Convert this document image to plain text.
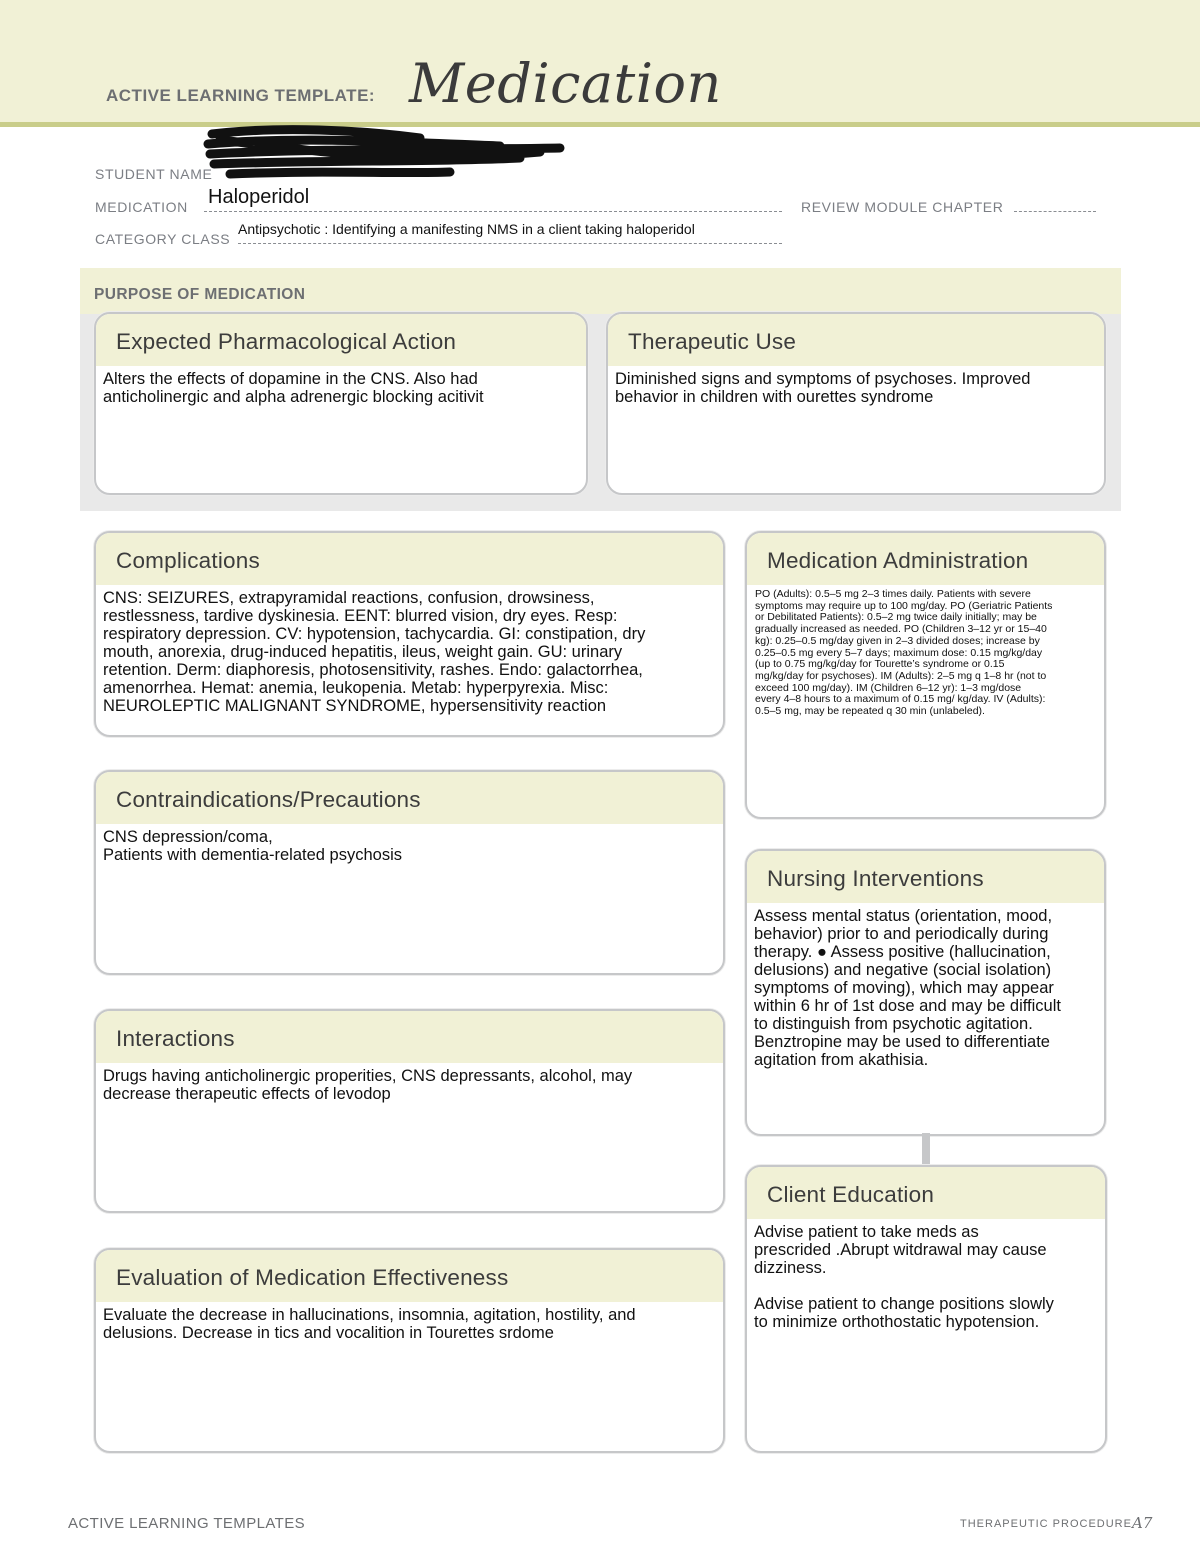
ACTIVE LEARNING TEMPLATE: Medication
STUDENT NAME
MEDICATION Haloperidol	REVIEW MODULE CHAPTER
CATEGORY CLASS
Antipsychotic : Identifying a manifesting NMS in a client taking haloperidol
PURPOSE OF MEDICATION
Expected Pharmacological Action

Alters the effects of dopamine in the CNS. Also had
anticholinergic and alpha adrenergic blocking acitivit

Therapeutic Use

Diminished signs and symptoms of psychoses. Improved
behavior in children with ourettes syndrome

Complications

CNS: SEIZURES, extrapyramidal reactions, confusion, drowsiness,
restlessness, tardive dyskinesia. EENT: blurred vision, dry eyes. Resp:
respiratory depression. CV: hypotension, tachycardia. GI: constipation, dry
mouth, anorexia, drug-induced hepatitis, ileus, weight gain. GU: urinary
retention. Derm: diaphoresis, photosensitivity, rashes. Endo: galactorrhea,
amenorrhea. Hemat: anemia, leukopenia. Metab: hyperpyrexia. Misc:
NEUROLEPTIC MALIGNANT SYNDROME, hypersensitivity reaction

Contraindications/Precautions

CNS depression/coma,
Patients with dementia-related psychosis

Interactions

Drugs having anticholinergic properities, CNS depressants, alcohol, may
decrease therapeutic effects of levodop

Evaluation of Medication Effectiveness

Evaluate the decrease in hallucinations, insomnia, agitation, hostility, and
delusions. Decrease in tics and vocalition in Tourettes srdome

Medication Administration

PO (Adults): 0.5–5 mg 2–3 times daily. Patients with severe
symptoms may require up to 100 mg/day. PO (Geriatric Patients
or Debilitated Patients): 0.5–2 mg twice daily initially; may be
gradually increased as needed. PO (Children 3–12 yr or 15–40
kg): 0.25–0.5 mg/day given in 2–3 divided doses; increase by
0.25–0.5 mg every 5–7 days; maximum dose: 0.15 mg/kg/day
(up to 0.75 mg/kg/day for Tourette’s syndrome or 0.15
mg/kg/day for psychoses). IM (Adults): 2–5 mg q 1–8 hr (not to
exceed 100 mg/day). IM (Children 6–12 yr): 1–3 mg/dose
every 4–8 hours to a maximum of 0.15 mg/ kg/day. IV (Adults):
0.5–5 mg, may be repeated q 30 min (unlabeled).

Nursing Interventions

Assess mental status (orientation, mood,
behavior) prior to and periodically during
therapy. ● Assess positive (hallucination,
delusions) and negative (social isolation)
symptoms of moving), which may appear
within 6 hr of 1st dose and may be difficult
to distinguish from psychotic agitation.
Benztropine may be used to differentiate
agitation from akathisia.

Client Education

Advise patient to take meds as
prescrided .Abrupt witdrawal may cause
dizziness.

Advise patient to change positions slowly
to minimize orthothostatic hypotension.

ACTIVE LEARNING TEMPLATES	THERAPEUTIC PROCEDURE A7
